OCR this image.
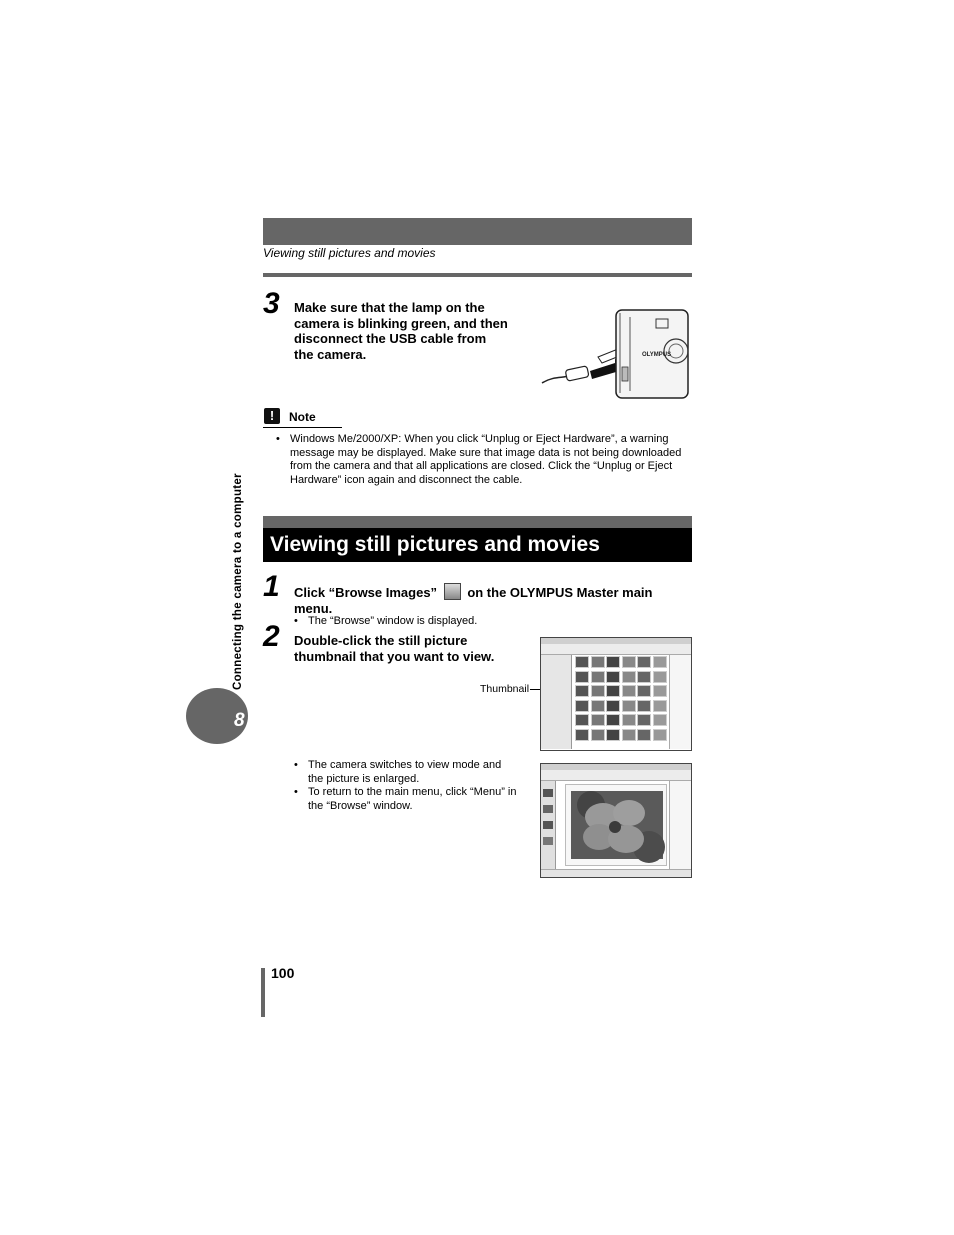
Viewing still pictures and movies
3 Make sure that the lamp on the camera is blinking green, and then disconnect the USB cable from the camera.	OLYMPUS
!	Note
• Windows Me/2000/XP: When you click “Unplug or Eject Hardware”, a warning message may be displayed. Make sure that image data is not being downloaded from the camera and that all applications are closed. Click the “Unplug or Eject Hardware” icon again and disconnect the cable.
Viewing still pictures and movies
1 Click “Browse Images” on the OLYMPUS Master main menu.
• The “Browse” window is displayed.
2 Double-click the still picture thumbnail that you want to view.
Thumbnail
• The camera switches to view mode and the picture is enlarged.
• To return to the main menu, click “Menu” in the “Browse” window.
Connecting the camera to a computer
8
100
